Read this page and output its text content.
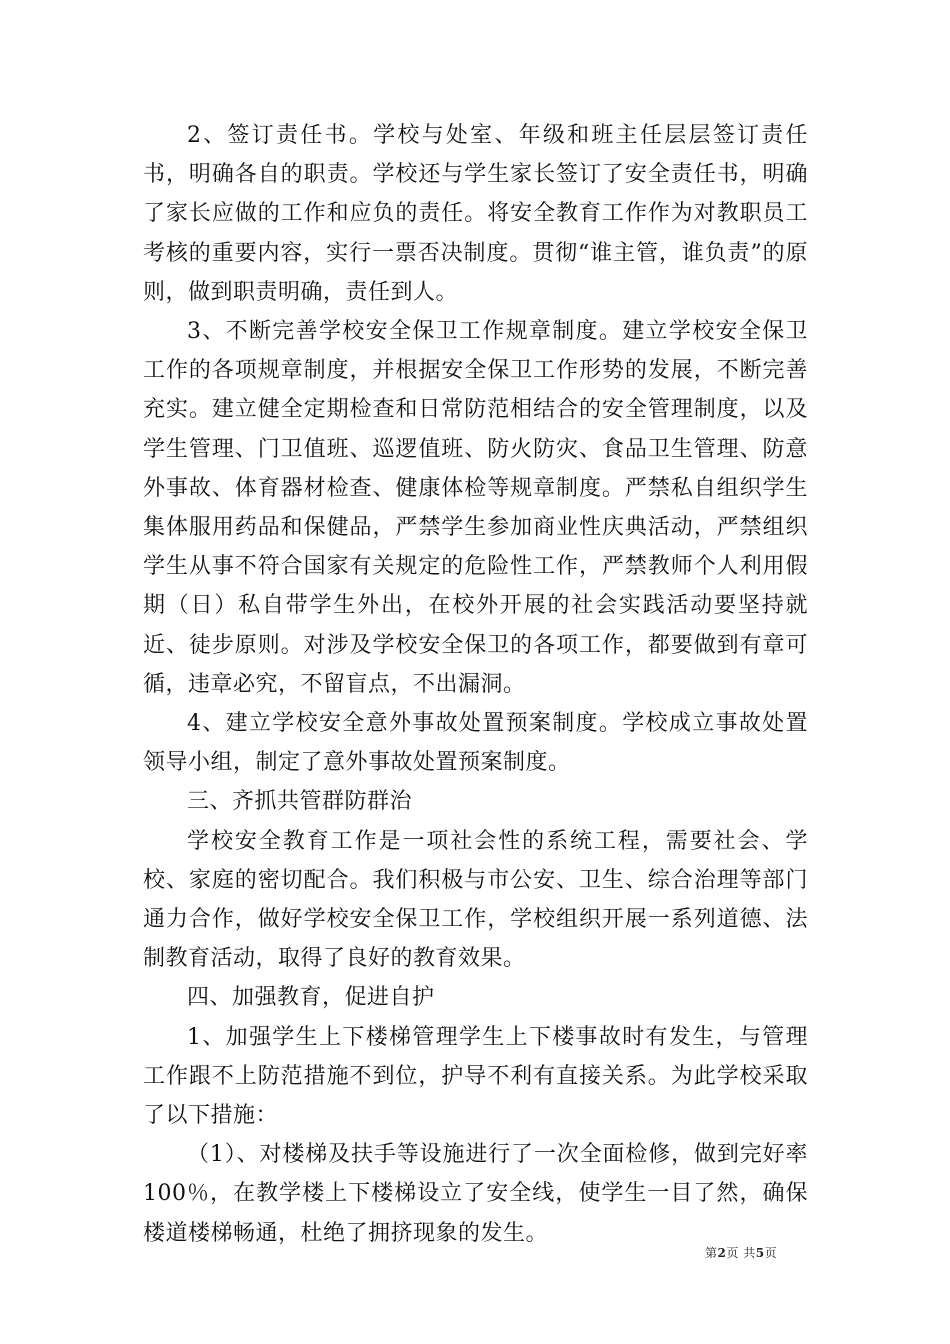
2、签订责任书。学校与处室、年级和班主任层层签订责任书，明确各自的职责。学校还与学生家长签订了安全责任书，明确了家长应做的工作和应负的责任。将安全教育工作作为对教职员工考核的重要内容，实行一票否决制度。贯彻“谁主管，谁负责”的原则，做到职责明确，责任到人。

3、不断完善学校安全保卫工作规章制度。建立学校安全保卫工作的各项规章制度，并根据安全保卫工作形势的发展，不断完善充实。建立健全定期检查和日常防范相结合的安全管理制度，以及学生管理、门卫值班、巡逻值班、防火防灾、食品卫生管理、防意外事故、体育器材检查、健康体检等规章制度。严禁私自组织学生集体服用药品和保健品，严禁学生参加商业性庆典活动，严禁组织学生从事不符合国家有关规定的危险性工作，严禁教师个人利用假期（日）私自带学生外出，在校外开展的社会实践活动要坚持就近、徒步原则。对涉及学校安全保卫的各项工作，都要做到有章可循，违章必究，不留盲点，不出漏洞。

4、建立学校安全意外事故处置预案制度。学校成立事故处置领导小组，制定了意外事故处置预案制度。

三、齐抓共管群防群治

学校安全教育工作是一项社会性的系统工程，需要社会、学校、家庭的密切配合。我们积极与市公安、卫生、综合治理等部门通力合作，做好学校安全保卫工作，学校组织开展一系列道德、法制教育活动，取得了良好的教育效果。

四、加强教育，促进自护

1、加强学生上下楼梯管理学生上下楼事故时有发生，与管理工作跟不上防范措施不到位，护导不利有直接关系。为此学校采取了以下措施：

（1）、对楼梯及扶手等设施进行了一次全面检修，做到完好率100％，在教学楼上下楼梯设立了安全线，使学生一目了然，确保楼道楼梯畅通，杜绝了拥挤现象的发生。

第2页 共5页
